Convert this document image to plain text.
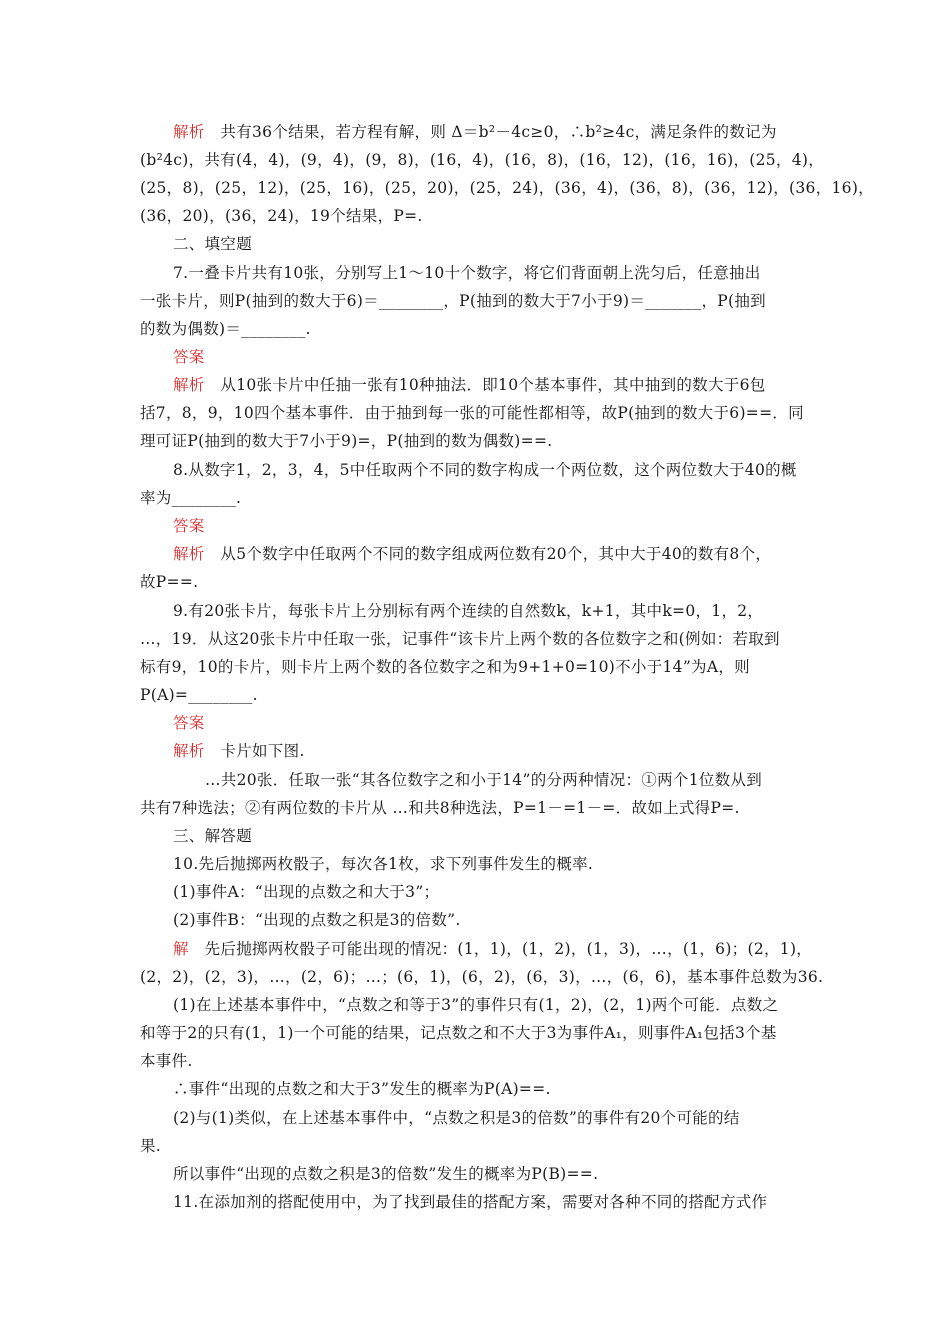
解析　共有36个结果，若方程有解，则 Δ＝b²－4c≥0，∴b²≥4c，满足条件的数记为
(b²4c)，共有(4，4)，(9，4)，(9，8)，(16，4)，(16，8)，(16，12)，(16，16)，(25，4)，
(25，8)，(25，12)，(25，16)，(25，20)，(25，24)，(36，4)，(36，8)，(36，12)，(36，16)，
(36，20)，(36，24)，19个结果，P=.
二、填空题
7.一叠卡片共有10张，分别写上1～10十个数字，将它们背面朝上洗匀后，任意抽出
一张卡片，则P(抽到的数大于6)＝________，P(抽到的数大于7小于9)＝_______，P(抽到
的数为偶数)＝________.
答案
解析　从10张卡片中任抽一张有10种抽法．即10个基本事件，其中抽到的数大于6包
括7，8，9，10四个基本事件．由于抽到每一张的可能性都相等，故P(抽到的数大于6)==．同
理可证P(抽到的数大于7小于9)=，P(抽到的数为偶数)==.
8.从数字1，2，3，4，5中任取两个不同的数字构成一个两位数，这个两位数大于40的概
率为________.
答案
解析　从5个数字中任取两个不同的数字组成两位数有20个，其中大于40的数有8个，
故P==.
9.有20张卡片，每张卡片上分别标有两个连续的自然数k，k+1，其中k=0，1，2，
…，19．从这20张卡片中任取一张，记事件“该卡片上两个数的各位数字之和(例如：若取到
标有9，10的卡片，则卡片上两个数的各位数字之和为9+1+0=10)不小于14”为A，则
P(A)=________.
答案
解析　卡片如下图.
…共20张．任取一张“其各位数字之和小于14”的分两种情况：①两个1位数从到
共有7种选法；②有两位数的卡片从 …和共8种选法，P=1－=1－=．故如上式得P=.
三、解答题
10.先后抛掷两枚骰子，每次各1枚，求下列事件发生的概率.
(1)事件A：“出现的点数之和大于3”；
(2)事件B：“出现的点数之积是3的倍数”.
解　先后抛掷两枚骰子可能出现的情况：(1，1)，(1，2)，(1，3)，…，(1，6)；(2，1)，
(2，2)，(2，3)，…，(2，6)；…；(6，1)，(6，2)，(6，3)，…，(6，6)，基本事件总数为36.
(1)在上述基本事件中，“点数之和等于3”的事件只有(1，2)，(2，1)两个可能．点数之
和等于2的只有(1，1)一个可能的结果，记点数之和不大于3为事件A₁，则事件A₁包括3个基
本事件.
∴事件“出现的点数之和大于3”发生的概率为P(A)==.
(2)与(1)类似，在上述基本事件中，“点数之积是3的倍数”的事件有20个可能的结
果.
所以事件“出现的点数之积是3的倍数”发生的概率为P(B)==.
11.在添加剂的搭配使用中，为了找到最佳的搭配方案，需要对各种不同的搭配方式作
